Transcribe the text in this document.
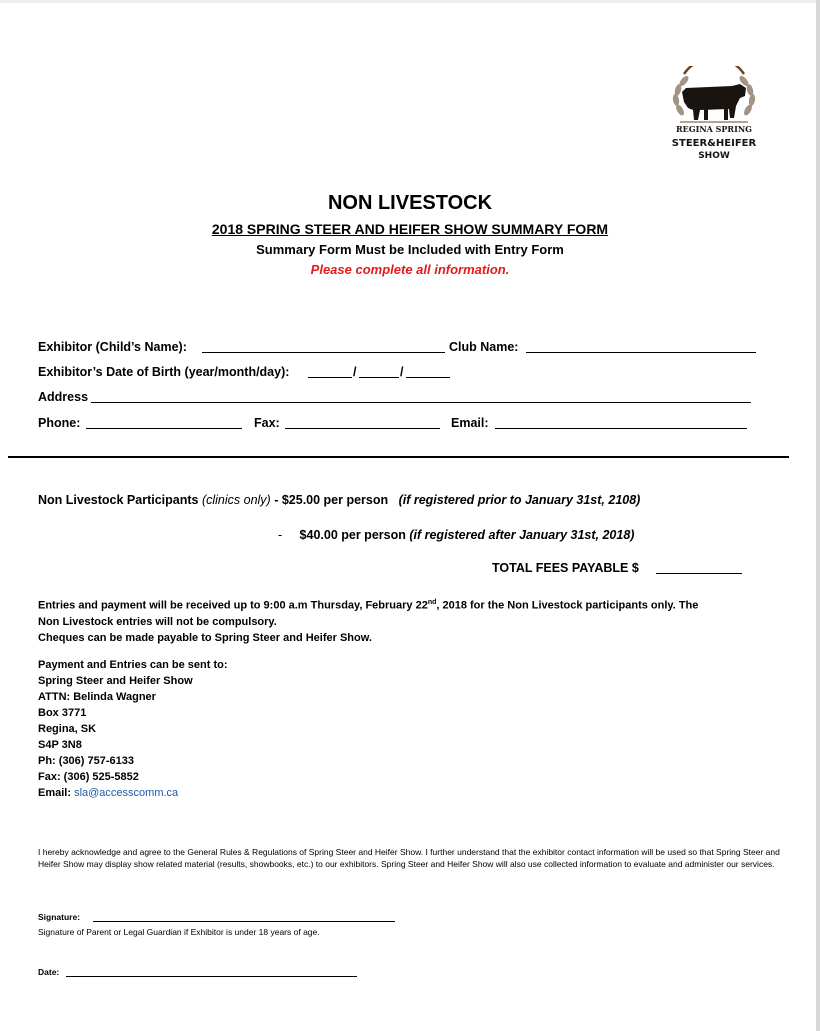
REGINA SPRING
STEER&HEIFER
SHOW
NON LIVESTOCK
2018 SPRING STEER AND HEIFER SHOW SUMMARY FORM
Summary Form Must be Included with Entry Form
Please complete all information.
Exhibitor (Child’s Name):	Club Name:
Exhibitor’s Date of Birth (year/month/day):	/	/
Address
Phone:	Fax:	Email:
Non Livestock Participants (clinics only) - $25.00 per person (if registered prior to January 31st, 2108)
- $40.00 per person (if registered after January 31st, 2018)
TOTAL FEES PAYABLE $
Entries and payment will be received up to 9:00 a.m Thursday, February 22nd, 2018 for the Non Livestock participants only. The
Non Livestock entries will not be compulsory.
Cheques can be made payable to Spring Steer and Heifer Show.
Payment and Entries can be sent to:
Spring Steer and Heifer Show
ATTN: Belinda Wagner
Box 3771
Regina, SK
S4P 3N8
Ph: (306) 757-6133
Fax: (306) 525-5852
Email: sla@accesscomm.ca
I hereby acknowledge and agree to the General Rules & Regulations of Spring Steer and Heifer Show. I further understand that the exhibitor contact information will be used so that Spring Steer and Heifer Show may display show related material (results, showbooks, etc.) to our exhibitors. Spring Steer and Heifer Show will also use collected information to evaluate and administer our services.
Signature:
Signature of Parent or Legal Guardian if Exhibitor is under 18 years of age.
Date:
